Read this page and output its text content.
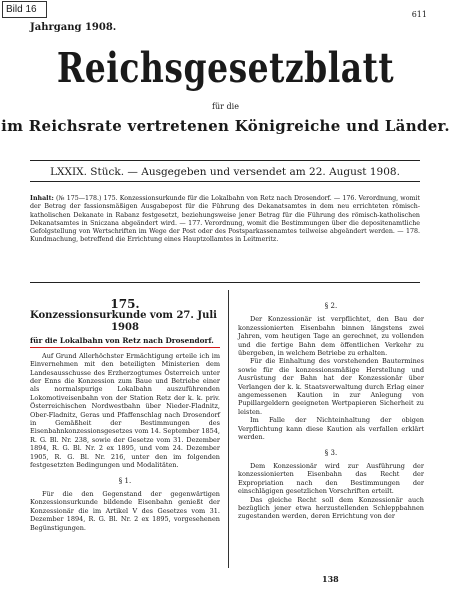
Bild 16
Jahrgang 1908.
611
Reichsgesetzblatt
für die
im Reichsrate vertretenen Königreiche und Länder.
LXXIX. Stück. — Ausgegeben und versendet am 22. August 1908.
Inhalt: (№ 175—178.) 175. Konzessionsurkunde für die Lokalbahn von Retz nach Drosendorf. — 176. Verordnung, womit der Betrag der fassionsmäßigen Ausgabepost für die Führung des Dekanatsamtes in dem neu errichteten römisch-katholischen Dekanate in Rabanz festgesetzt, beziehungsweise jener Betrag für die Führung des römisch-katholischen Dekanatsamtes in Sniczana abgeändert wird. — 177. Verordnung, womit die Bestimmungen über die depositenamtliche Gefolgstellung von Wertschriften im Wege der Post oder des Postsparkassenamtes teilweise abgeändert werden. — 178. Kundmachung, betreffend die Errichtung eines Hauptzollamtes in Leitmeritz.
175.
Konzessionsurkunde vom 27. Juli
1908
für die Lokalbahn von Retz nach Drosendorf.

Auf Grund Allerhöchster Ermächtigung erteile ich im Einvernehmen mit den beteiligten Ministerien dem Landesausschusse des Erzherzogtumes Österreich unter der Enns die Konzession zum Baue und Betriebe einer als normalspurige Lokalbahn auszuführenden Lokomotiveisenbahn von der Station Retz der k. k. priv. Österreichischen Nordwestbahn über Nieder-Fladnitz, Ober-Fladnitz, Geras und Pfaffenschlag nach Drosendorf in Gemäßheit der Bestimmungen des Eisenbahnkonzessionsgesetzes vom 14. September 1854, R. G. Bl. Nr. 238, sowie der Gesetze vom 31. Dezember 1894, R. G. Bl. Nr. 2 ex 1895, und vom 24. Dezember 1905, R. G. Bl. Nr. 216, unter den im folgenden festgesetzten Bedingungen und Modalitäten.

§ 1.

Für die den Gegenstand der gegenwärtigen Konzessionsurkunde bildende Eisenbahn genießt der Konzessionär die im Artikel V des Gesetzes vom 31. Dezember 1894, R. G. Bl. Nr. 2 ex 1895, vorgesehenen Begünstigungen.

§ 2.

Der Konzessionär ist verpflichtet, den Bau der konzessionierten Eisenbahn binnen längstens zwei Jahren, vom heutigen Tage an gerechnet, zu vollenden und die fertige Bahn dem öffentlichen Verkehr zu übergeben, in welchem Betriebe zu erhalten.

Für die Einhaltung des vorstehenden Bautermines sowie für die konzessionsmäßige Herstellung und Ausrüstung der Bahn hat der Konzessionär über Verlangen der k. k. Staatsverwaltung durch Erlag einer angemessenen Kaution in zur Anlegung von Pupillargeldern geeigneten Wertpapieren Sicherheit zu leisten.

Im Falle der Nichteinhaltung der obigen Verpflichtung kann diese Kaution als verfallen erklärt werden.

§ 3.

Dem Konzessionär wird zur Ausführung der konzessionierten Eisenbahn das Recht der Expropriation nach den Bestimmungen der einschlägigen gesetzlichen Vorschriften erteilt.

Das gleiche Recht soll dem Konzessionär auch bezüglich jener etwa herzustellenden Schleppbahnen zugestanden werden, deren Errichtung von der

138
